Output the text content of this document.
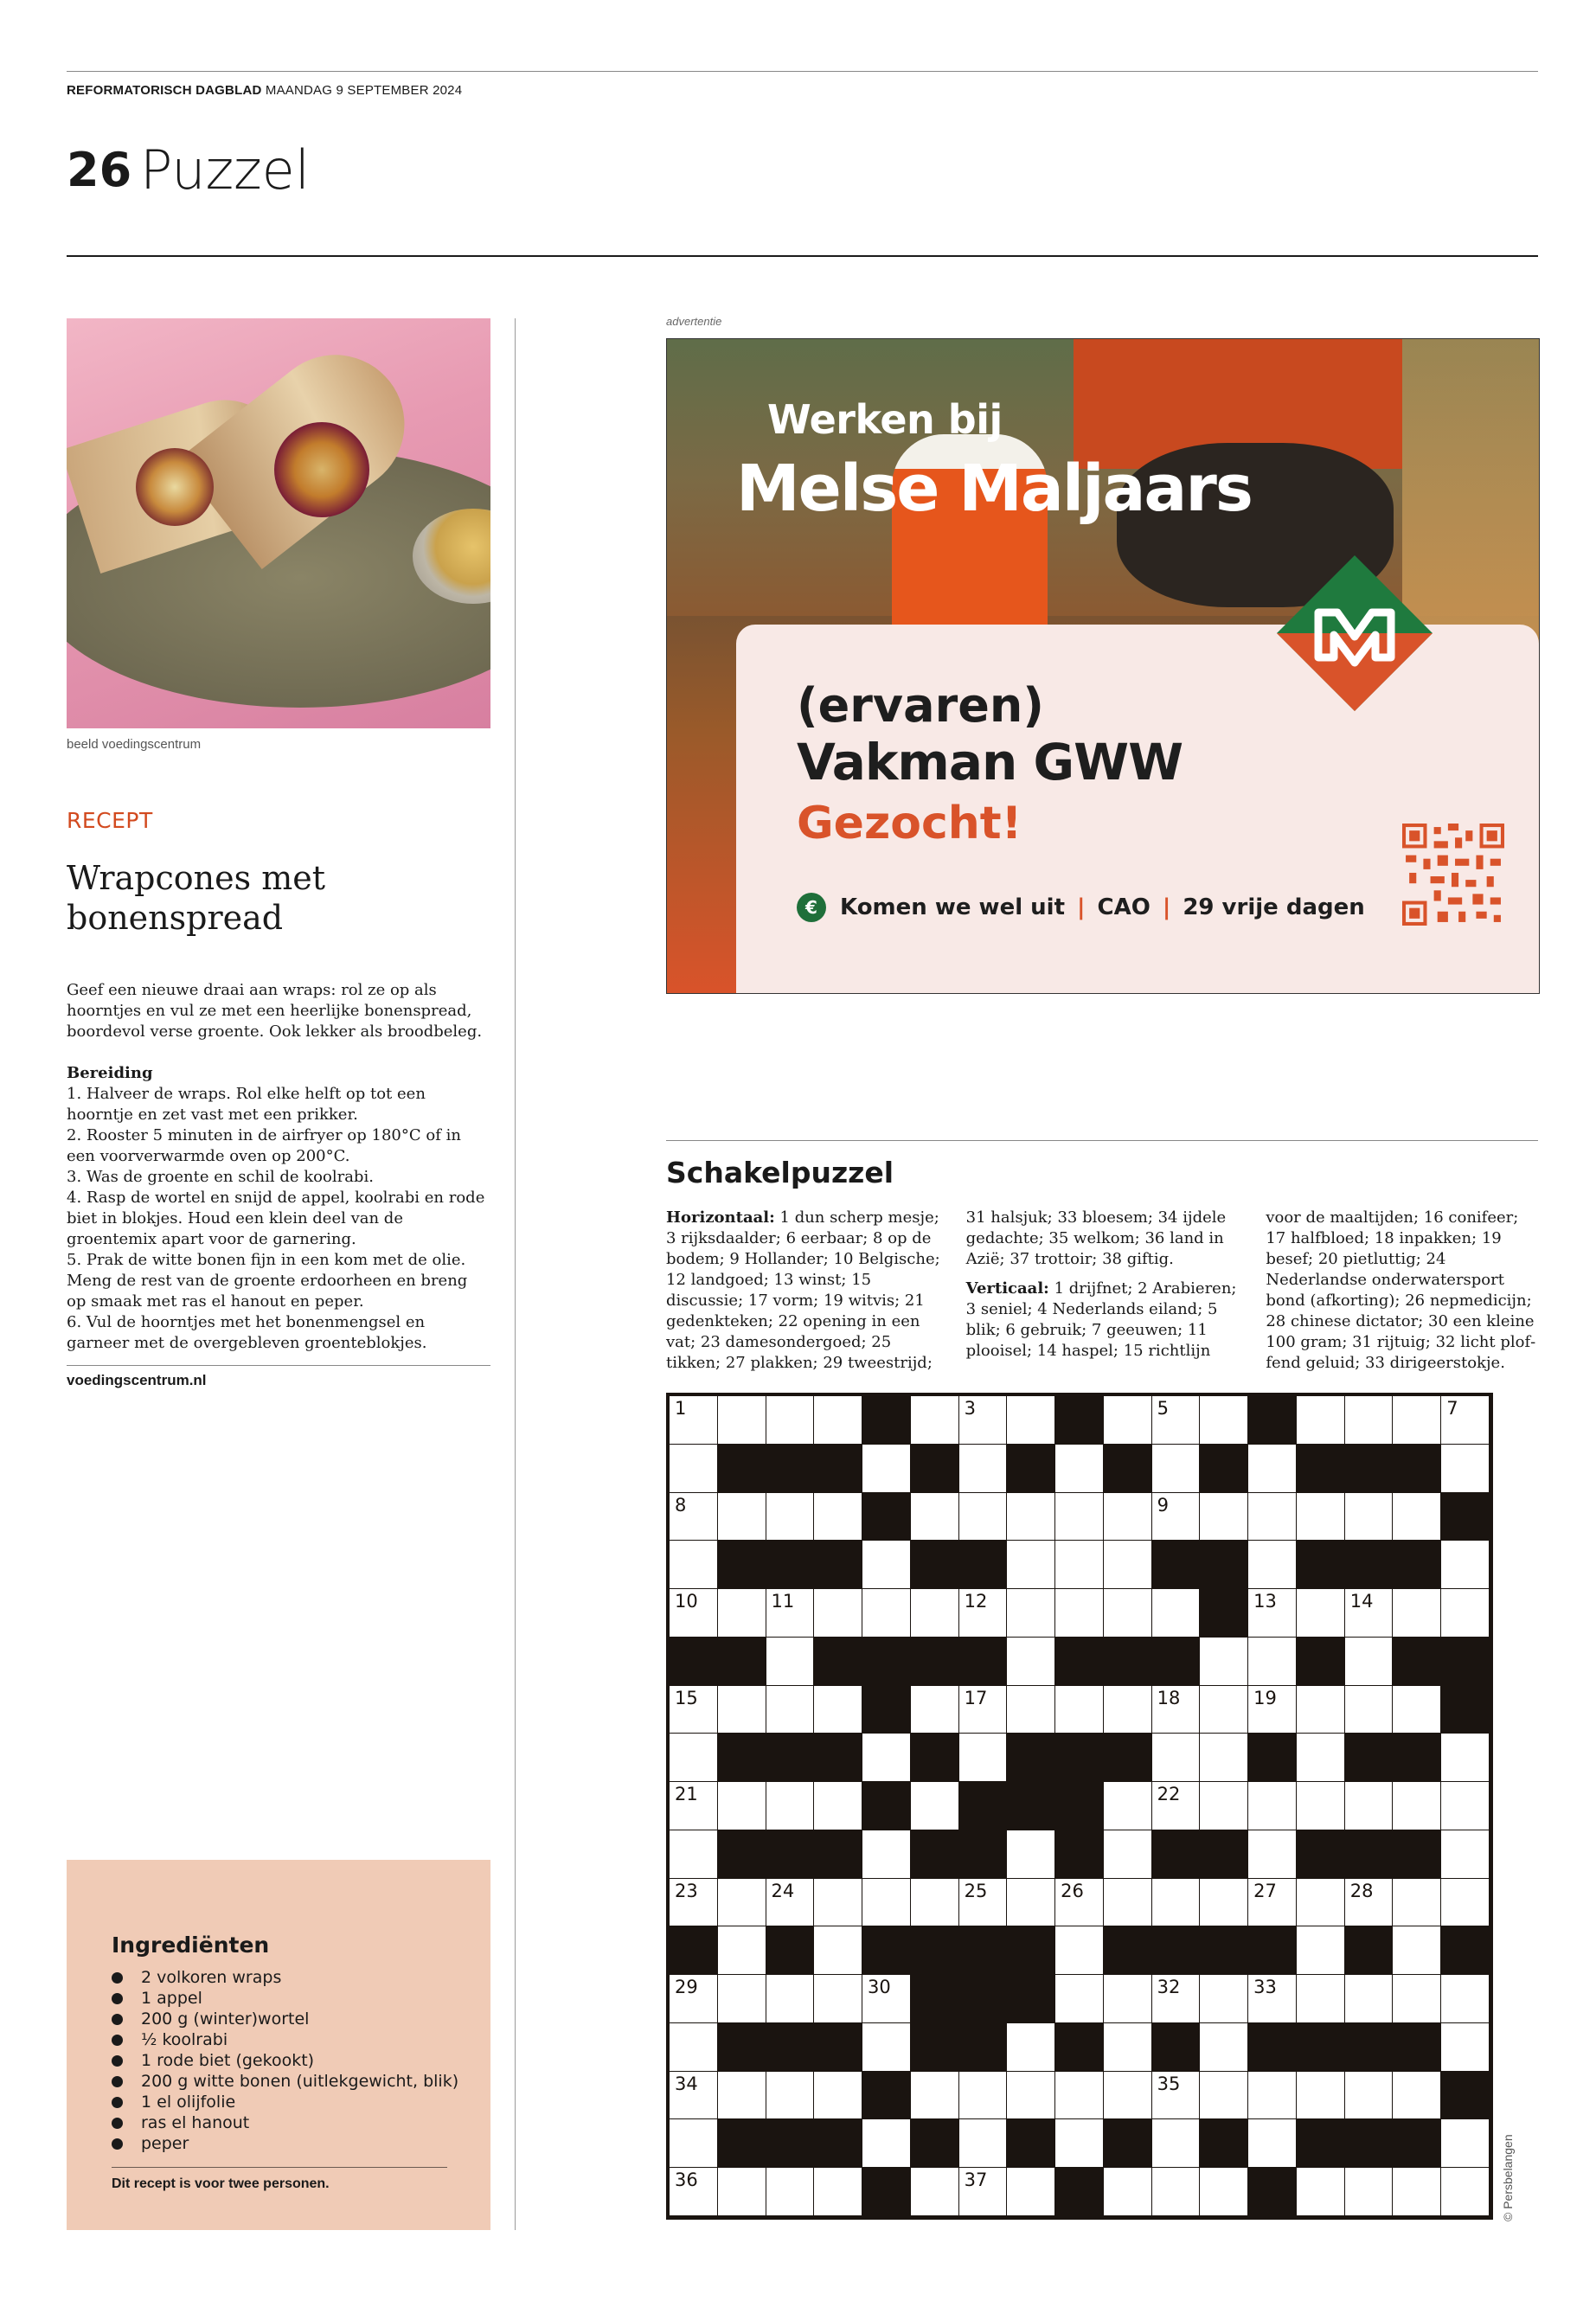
REFORMATORISCH DAGBLAD MAANDAG 9 SEPTEMBER 2024
26 Puzzel
beeld voedingscentrum
RECEPT
Wrapcones met bonenspread
Geef een nieuwe draai aan wraps: rol ze op als hoorntjes en vul ze met een heerlijke bonenspread, boordevol verse groente. Ook lekker als broodbeleg.
Bereiding
1. Halveer de wraps. Rol elke helft op tot een hoorntje en zet vast met een prikker.
2. Rooster 5 minuten in de airfryer op 180°C of in een voorverwarmde oven op 200°C.
3. Was de groente en schil de koolrabi.
4. Rasp de wortel en snijd de appel, koolrabi en rode biet in blokjes. Houd een klein deel van de groentemix apart voor de garnering.
5. Prak de witte bonen fijn in een kom met de olie. Meng de rest van de groente erdoorheen en breng op smaak met ras el hanout en peper.
6. Vul de hoorntjes met het bonenmengsel en garneer met de overgebleven groenteblokjes.
voedingscentrum.nl
Ingrediënten
2 volkoren wraps
1 appel
200 g (winter)wortel
½ koolrabi
1 rode biet (gekookt)
200 g witte bonen (uitlekgewicht, blik)
1 el olijfolie
ras el hanout
peper
Dit recept is voor twee personen.
advertentie
Werken bij
Melse Maljaars
(ervaren)
Vakman GWW
Gezocht!
€	Komen we wel uit | CAO | 29 vrije dagen
Schakelpuzzel

Horizontaal: 1 dun scherp mesje; 3 rijksdaalder; 6 eerbaar; 8 op de bodem; 9 Hollander; 10 Belgische; 12 landgoed; 13 winst; 15 discussie; 17 vorm; 19 witvis; 21 gedenkteken; 22 opening in een vat; 23 damesondergoed; 25 tikken; 27 plakken; 29 tweestrijd; 31 halsjuk; 33 bloesem; 34 ijdele gedachte; 35 welkom; 36 land in Azië; 37 trottoir; 38 giftig.

Verticaal: 1 drijfnet; 2 Arabieren; 3 seniel; 4 Nederlands eiland; 5 blik; 6 gebruik; 7 geeuwen; 11 plooisel; 14 haspel; 15 richtlijn voor de maaltijden; 16 conifeer; 17 halfbloed; 18 inpakken; 19 besef; 20 pietluttig; 24 Nederlandse onderwatersport bond (afkorting); 26 nepmedicijn; 28 chinese dictator; 30 een kleine 100 gram; 31 rijtuig; 32 licht ploffend geluid; 33 dirigeerstokje.

1	3	5	7
8	9
10	11	12	13	14
15	17	18	19
21	22
23	24	25	26	27	28
29	30	32	33
34	35
36	37	© Persbelangen
